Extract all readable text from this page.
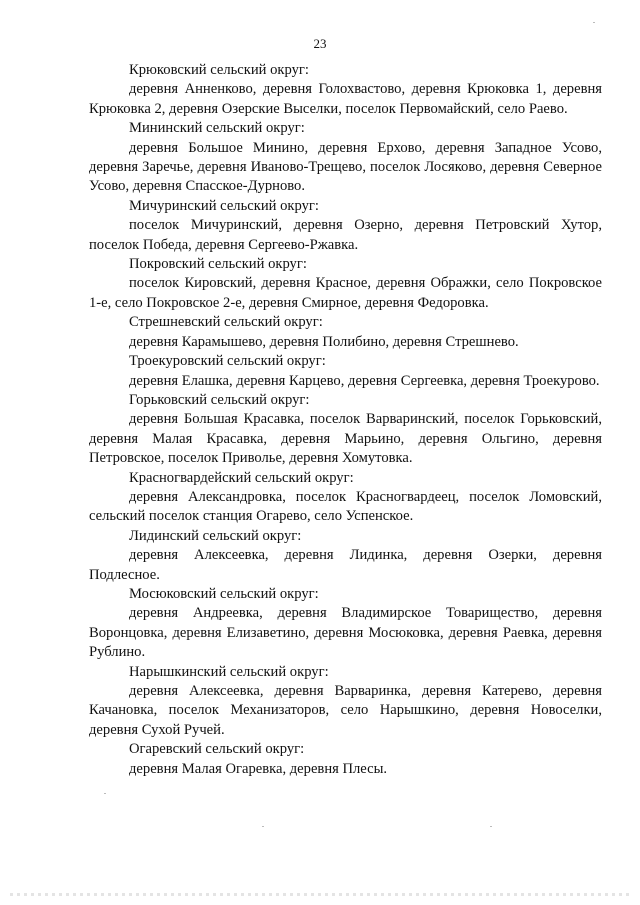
23

Крюковский сельский округ:

деревня Анненково, деревня Голохвастово, деревня Крюковка 1, деревня Крюковка 2, деревня Озерские Выселки, поселок Первомайский, село Раево.

Мининский сельский округ:

деревня Большое Минино, деревня Ерхово, деревня Западное Усово, деревня Заречье, деревня Иваново-Трещево, поселок Лосяково, деревня Северное Усово, деревня Спасское-Дурново.

Мичуринский сельский округ:

поселок Мичуринский, деревня Озерно, деревня Петровский Хутор, поселок Победа, деревня Сергеево-Ржавка.

Покровский сельский округ:

поселок Кировский, деревня Красное, деревня Ображки, село Покровское 1-е, село Покровское 2-е, деревня Смирное, деревня Федоровка.

Стрешневский сельский округ:

деревня Карамышево, деревня Полибино, деревня Стрешнево.

Троекуровский сельский округ:

деревня Елашка, деревня Карцево, деревня Сергеевка, деревня Троекурово.

Горьковский сельский округ:

деревня Большая Красавка, поселок Варваринский, поселок Горьковский, деревня Малая Красавка, деревня Марьино, деревня Ольгино, деревня Петровское, поселок Приволье, деревня Хомутовка.

Красногвардейский сельский округ:

деревня Александровка, поселок Красногвардеец, поселок Ломовский, сельский поселок станция Огарево, село Успенское.

Лидинский сельский округ:

деревня Алексеевка, деревня Лидинка, деревня Озерки, деревня Подлесное.

Мосюковский сельский округ:

деревня Андреевка, деревня Владимирское Товарищество, деревня Воронцовка, деревня Елизаветино, деревня Мосюковка, деревня Раевка, деревня Рублино.

Нарышкинский сельский округ:

деревня Алексеевка, деревня Варваринка, деревня Катерево, деревня Качановка, поселок Механизаторов, село Нарышкино, деревня Новоселки, деревня Сухой Ручей.

Огаревский сельский округ:

деревня Малая Огаревка, деревня Плесы.
